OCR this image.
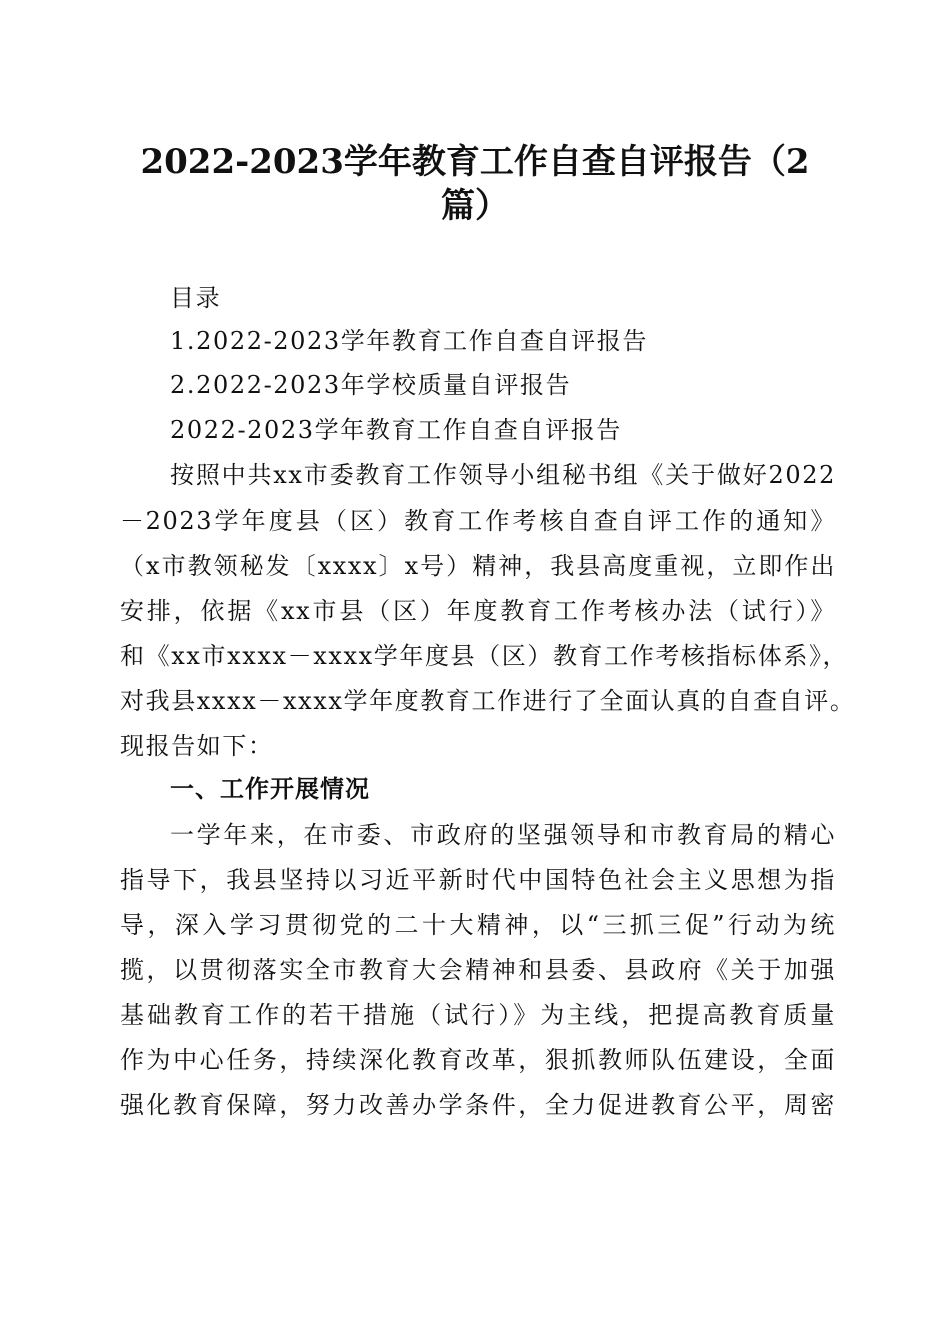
2022-2023学年教育工作自查自评报告（2
篇）
目录
1.2022-2023学年教育工作自查自评报告
2.2022-2023年学校质量自评报告
2022-2023学年教育工作自查自评报告
按照中共xx市委教育工作领导小组秘书组《关于做好2022
－2023学年度县（区）教育工作考核自查自评工作的通知》
（x市教领秘发〔xxxx〕x号）精神，我县高度重视，立即作出
安排，依据《xx市县（区）年度教育工作考核办法（试行）》
和《xx市xxxx－xxxx学年度县（区）教育工作考核指标体系》，
对我县xxxx－xxxx学年度教育工作进行了全面认真的自查自评。
现报告如下：
一、工作开展情况
一学年来，在市委、市政府的坚强领导和市教育局的精心
指导下，我县坚持以习近平新时代中国特色社会主义思想为指
导，深入学习贯彻党的二十大精神，以“三抓三促”行动为统
揽，以贯彻落实全市教育大会精神和县委、县政府《关于加强
基础教育工作的若干措施（试行）》为主线，把提高教育质量
作为中心任务，持续深化教育改革，狠抓教师队伍建设，全面
强化教育保障，努力改善办学条件，全力促进教育公平，周密
